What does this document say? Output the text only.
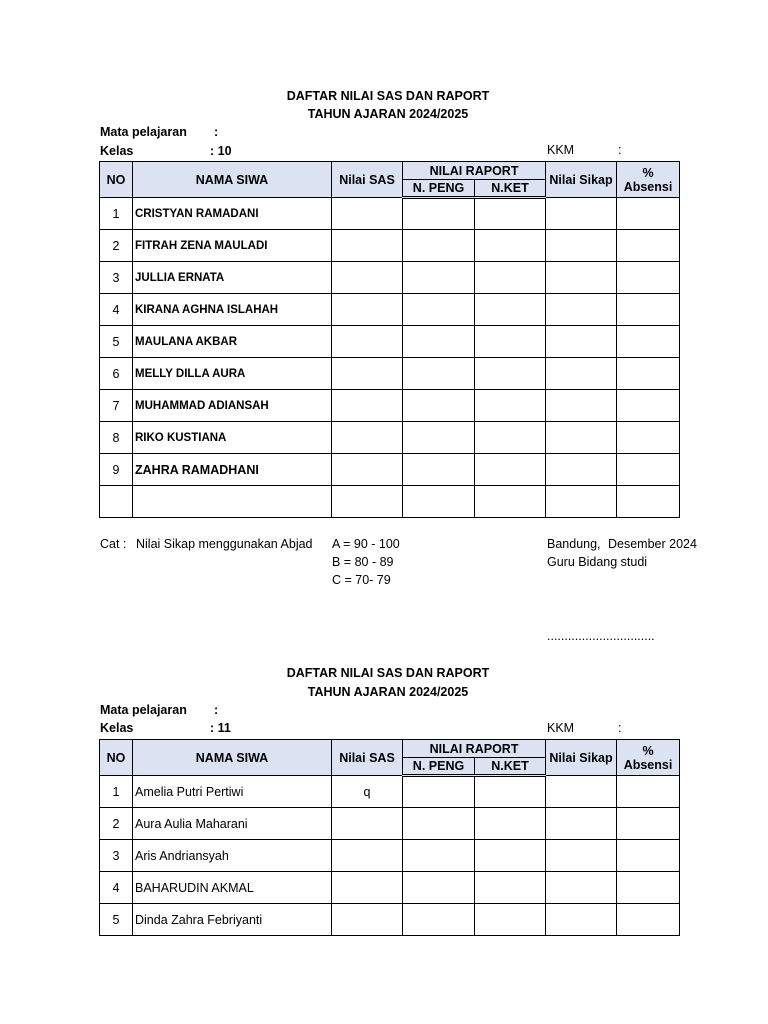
DAFTAR NILAI SAS DAN RAPORT
TAHUN AJARAN 2024/2025
Mata pelajaran :
Kelas	: 10	KKM	:
NO	NAMA SIWA	Nilai SAS	NILAI RAPORT		Nilai Sikap	% Absensi
			N. PENG	N.KET		
1	CRISTYAN RAMADANI					
2	FITRAH ZENA MAULADI					
3	JULLIA ERNATA					
4	KIRANA AGHNA ISLAHAH					
5	MAULANA AKBAR					
6	MELLY DILLA AURA					
7	MUHAMMAD ADIANSAH					
8	RIKO KUSTIANA					
9	ZAHRA RAMADHANI					

Cat : Nilai Sikap menggunakan Abjad A = 90 - 100
B = 80 - 89
C = 70- 79
Bandung, Desember 2024
Guru Bidang studi
...............................
DAFTAR NILAI SAS DAN RAPORT
TAHUN AJARAN 2024/2025
Mata pelajaran :
Kelas	: 11	KKM	:
NO	NAMA SIWA	Nilai SAS	NILAI RAPORT		Nilai Sikap	% Absensi
			N. PENG	N.KET		
1	Amelia Putri Pertiwi	q				
2	Aura Aulia Maharani					
3	Aris Andriansyah					
4	BAHARUDIN AKMAL					
5	Dinda Zahra Febriyanti					
